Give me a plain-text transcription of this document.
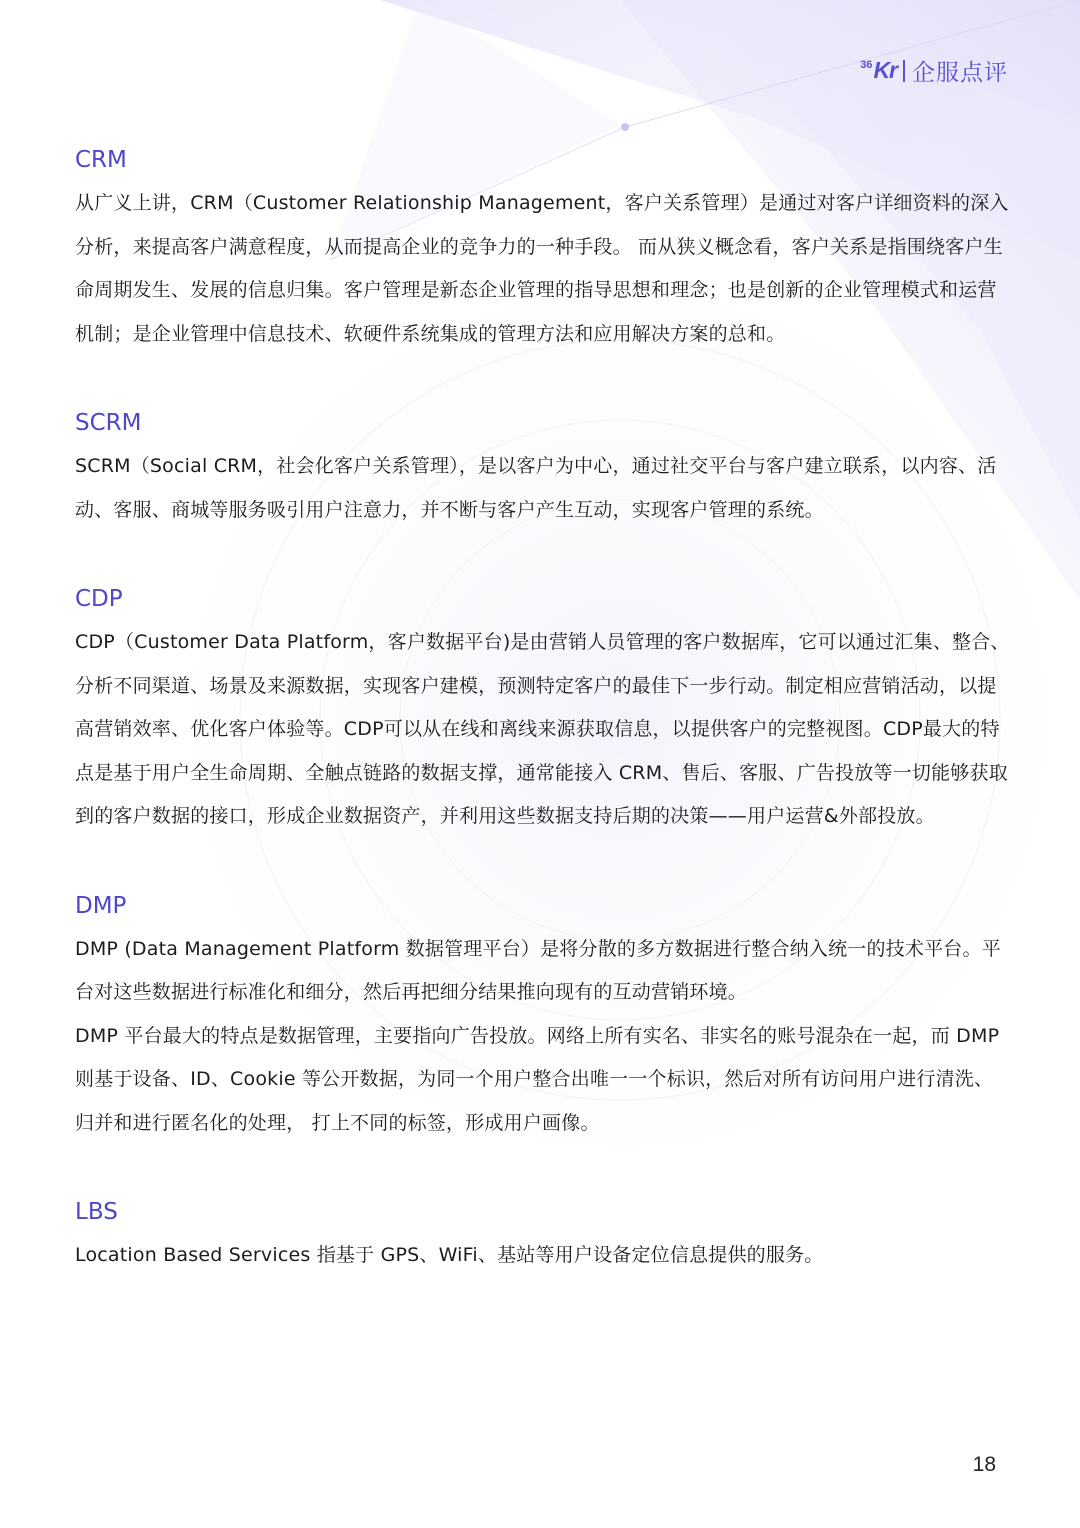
36 Kr 企服点评
CRM

从广义上讲，CRM（Customer Relationship Management，客户关系管理）是通过对客户详细资料的深入分析，来提高客户满意程度，从而提高企业的竞争力的一种手段。 而从狭义概念看，客户关系是指围绕客户生命周期发生、发展的信息归集。客户管理是新态企业管理的指导思想和理念；也是创新的企业管理模式和运营机制；是企业管理中信息技术、软硬件系统集成的管理方法和应用解决方案的总和。

SCRM

SCRM（Social CRM，社会化客户关系管理），是以客户为中心，通过社交平台与客户建立联系，以内容、活动、客服、商城等服务吸引用户注意力，并不断与客户产生互动，实现客户管理的系统。

CDP

CDP（Customer Data Platform，客户数据平台)是由营销人员管理的客户数据库，它可以通过汇集、整合、分析不同渠道、场景及来源数据，实现客户建模，预测特定客户的最佳下一步行动。制定相应营销活动，以提高营销效率、优化客户体验等。CDP可以从在线和离线来源获取信息，以提供客户的完整视图。CDP最大的特点是基于用户全生命周期、全触点链路的数据支撑，通常能接入 CRM、售后、客服、广告投放等一切能够获取到的客户数据的接口，形成企业数据资产，并利用这些数据支持后期的决策——用户运营&外部投放。

DMP

DMP (Data Management Platform 数据管理平台）是将分散的多方数据进行整合纳入统一的技术平台。平台对这些数据进行标准化和细分，然后再把细分结果推向现有的互动营销环境。

DMP 平台最大的特点是数据管理，主要指向广告投放。网络上所有实名、非实名的账号混杂在一起，而 DMP 则基于设备、ID、Cookie 等公开数据，为同一个用户整合出唯一一个标识，然后对所有访问用户进行清洗、归并和进行匿名化的处理， 打上不同的标签，形成用户画像。

LBS

Location Based Services 指基于 GPS、WiFi、基站等用户设备定位信息提供的服务。

18
